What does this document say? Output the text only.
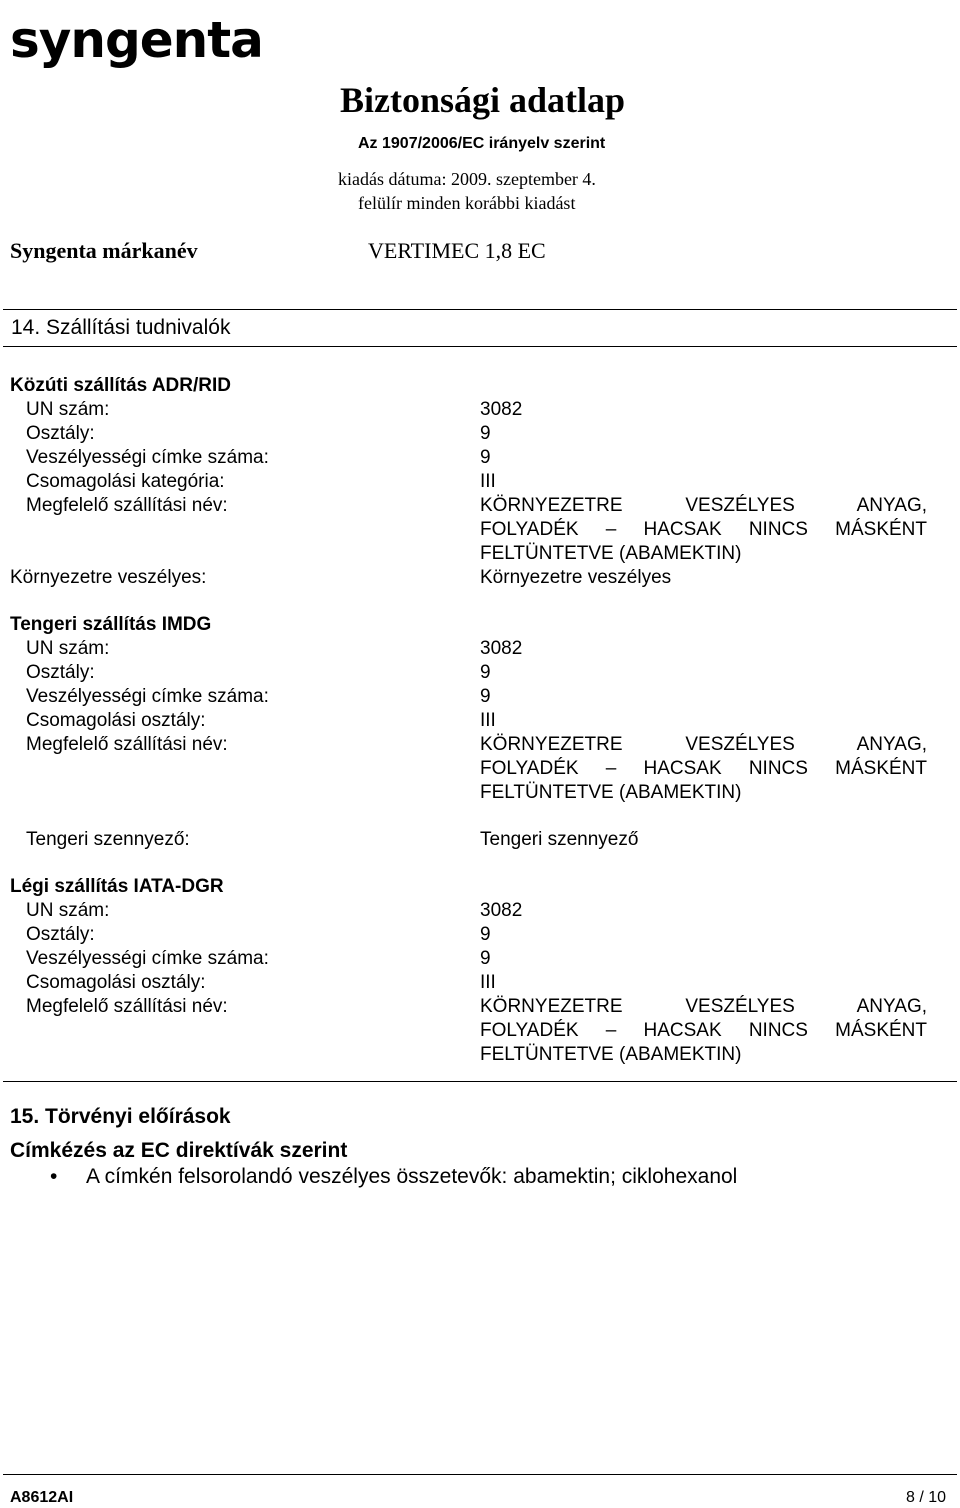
syngenta
Biztonsági adatlap
Az 1907/2006/EC irányelv szerint
kiadás dátuma: 2009. szeptember 4.
felülír minden korábbi kiadást
Syngenta márkanév	VERTIMEC 1,8 EC
14. Szállítási tudnivalók
Közúti szállítás ADR/RID
UN szám:	3082
Osztály:	9
Veszélyességi címke száma:	9
Csomagolási kategória:	III
Megfelelő szállítási név:	KÖRNYEZETRE VESZÉLYES ANYAG,
FOLYADÉK – HACSAK NINCS MÁSKÉNT
FELTÜNTETVE (ABAMEKTIN)
Környezetre veszélyes:	Környezetre veszélyes
Tengeri szállítás IMDG
UN szám:	3082
Osztály:	9
Veszélyességi címke száma:	9
Csomagolási osztály:	III
Megfelelő szállítási név:	KÖRNYEZETRE VESZÉLYES ANYAG,
FOLYADÉK – HACSAK NINCS MÁSKÉNT
FELTÜNTETVE (ABAMEKTIN)
Tengeri szennyező:	Tengeri szennyező
Légi szállítás IATA-DGR
UN szám:	3082
Osztály:	9
Veszélyességi címke száma:	9
Csomagolási osztály:	III
Megfelelő szállítási név:	KÖRNYEZETRE VESZÉLYES ANYAG,
FOLYADÉK – HACSAK NINCS MÁSKÉNT
FELTÜNTETVE (ABAMEKTIN)
15. Törvényi előírások
Címkézés az EC direktívák szerint
• A címkén felsorolandó veszélyes összetevők: abamektin; ciklohexanol
A8612AI	8 / 10
